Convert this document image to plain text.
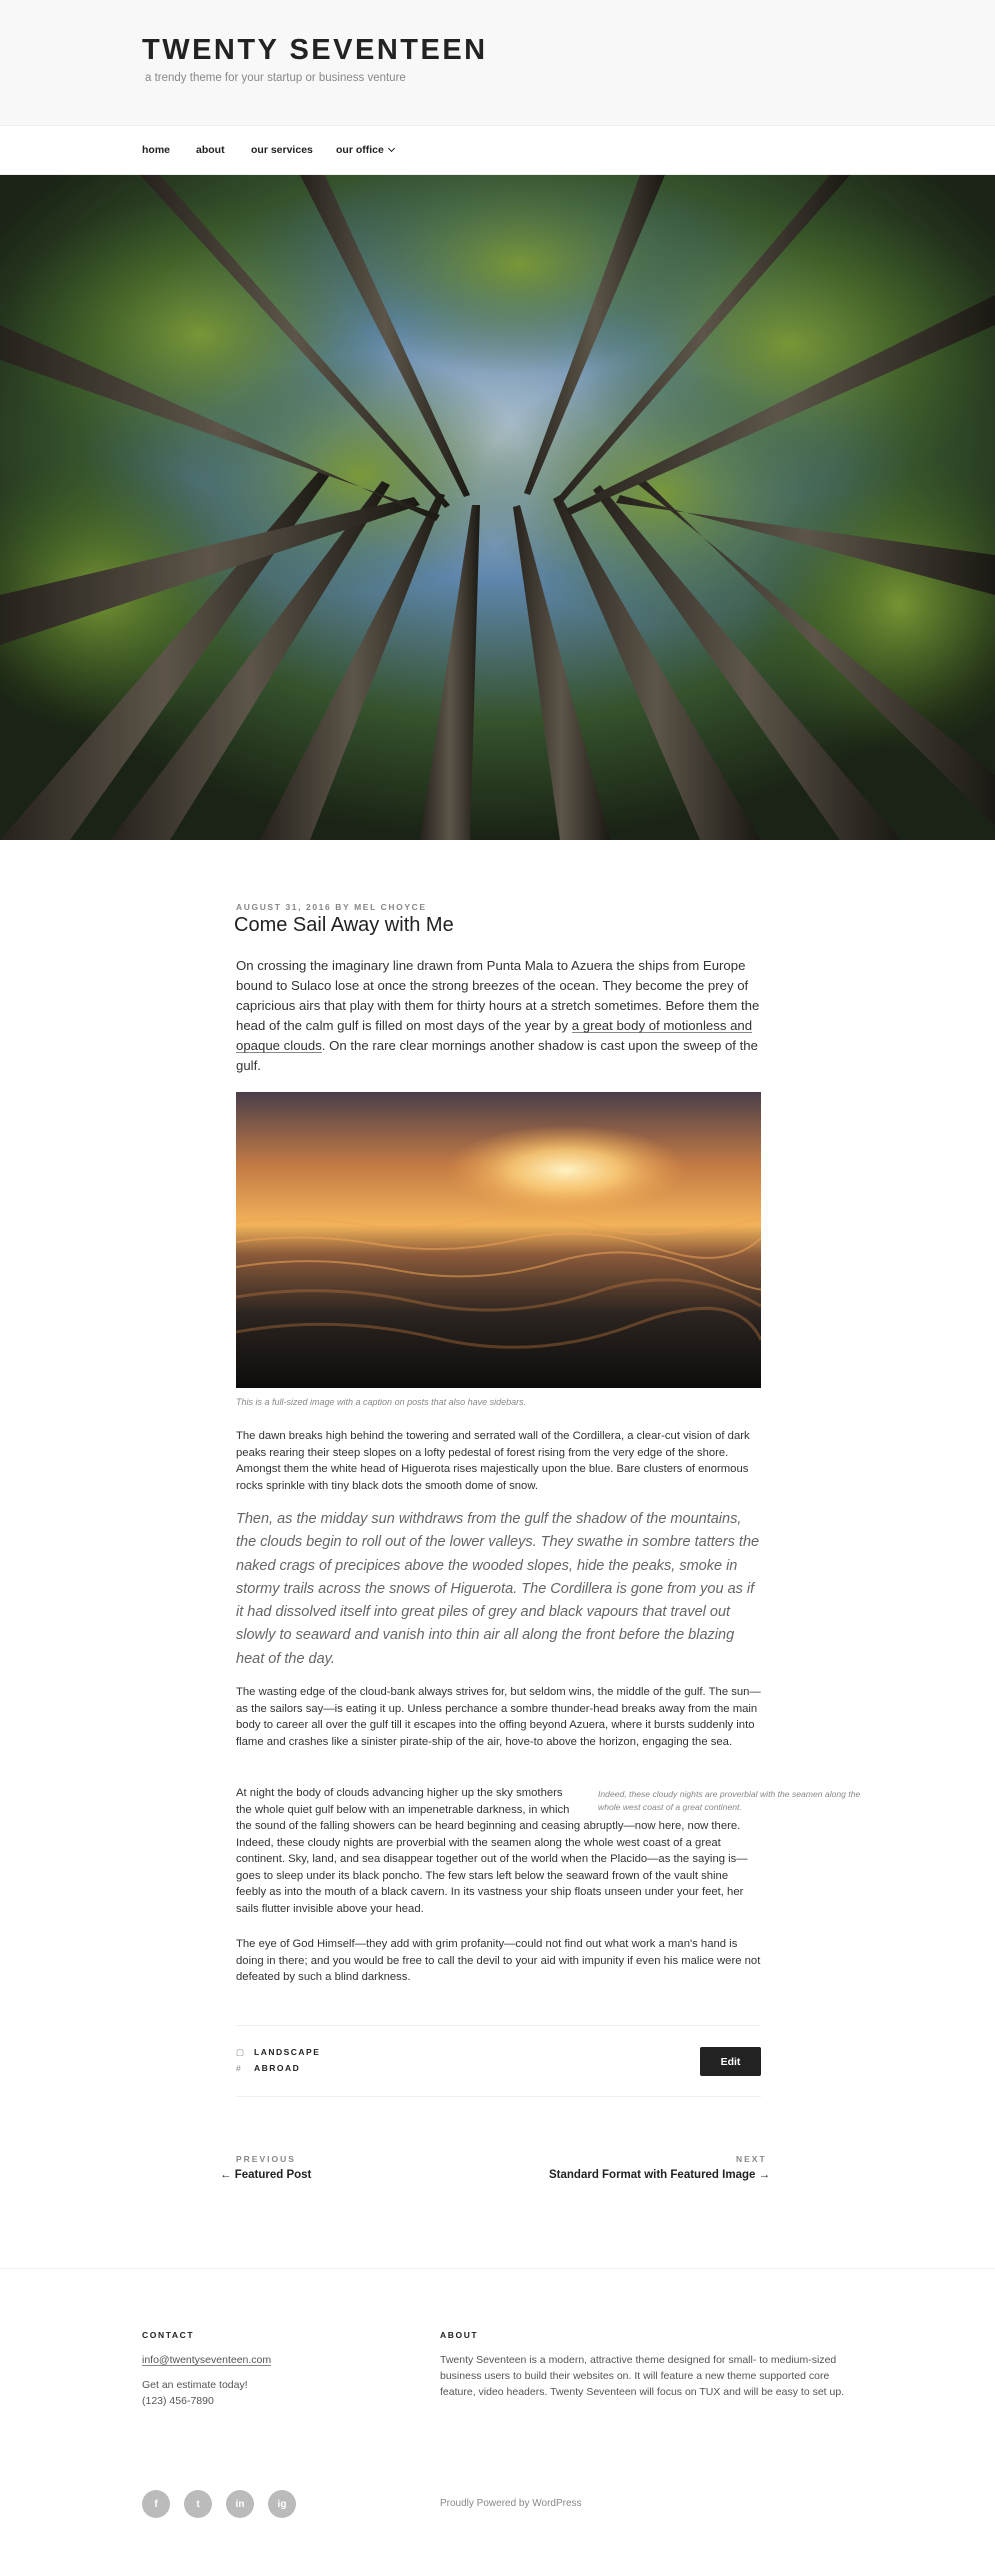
TWENTY SEVENTEEN
a trendy theme for your startup or business venture
home about	our services our office
AUGUST 31, 2016 BY MEL CHOYCE
Come Sail Away with Me

On crossing the imaginary line drawn from Punta Mala to Azuera the ships from Europe bound to Sulaco lose at once the strong breezes of the ocean. They become the prey of capricious airs that play with them for thirty hours at a stretch sometimes. Before them the head of the calm gulf is filled on most days of the year by a great body of motionless and opaque clouds. On the rare clear mornings another shadow is cast upon the sweep of the gulf.

This is a full-sized image with a caption on posts that also have sidebars.

The dawn breaks high behind the towering and serrated wall of the Cordillera, a clear-cut vision of dark peaks rearing their steep slopes on a lofty pedestal of forest rising from the very edge of the shore. Amongst them the white head of Higuerota rises majestically upon the blue. Bare clusters of enormous rocks sprinkle with tiny black dots the smooth dome of snow.

Then, as the midday sun withdraws from the gulf the shadow of the mountains, the clouds begin to roll out of the lower valleys. They swathe in sombre tatters the naked crags of precipices above the wooded slopes, hide the peaks, smoke in stormy trails across the snows of Higuerota. The Cordillera is gone from you as if it had dissolved itself into great piles of grey and black vapours that travel out slowly to seaward and vanish into thin air all along the front before the blazing heat of the day.

The wasting edge of the cloud-bank always strives for, but seldom wins, the middle of the gulf. The sun—as the sailors say—is eating it up. Unless perchance a sombre thunder-head breaks away from the main body to career all over the gulf till it escapes into the offing beyond Azuera, where it bursts suddenly into flame and crashes like a sinister pirate-ship of the air, hove-to above the horizon, engaging the sea.

At night the body of clouds advancing higher up the sky smothers
the whole quiet gulf below with an impenetrable darkness, in which
the sound of the falling showers can be heard beginning and ceasing abruptly—now here, now there. Indeed, these cloudy nights are proverbial with the seamen along the whole west coast of a great continent. Sky, land, and sea disappear together out of the world when the Placido—as the saying is—goes to sleep under its black poncho. The few stars left below the seaward frown of the vault shine feebly as into the mouth of a black cavern. In its vastness your ship floats unseen under your feet, her sails flutter invisible above your head.

Indeed, these cloudy nights are proverbial with the seamen along the whole west coast of a great continent.

The eye of God Himself—they add with grim profanity—could not find out what work a man's hand is doing in there; and you would be free to call the devil to your aid with impunity if even his malice were not defeated by such a blind darkness.

▢ LANDSCAPE
# ABROAD
Edit
PREVIOUS
← Featured Post
NEXT
Standard Format with Featured Image →
CONTACT
info@twentyseventeen.com
Get an estimate today!
(123) 456-7890
ABOUT
Twenty Seventeen is a modern, attractive theme designed for small- to medium-sized business users to build their websites on. It will feature a new theme supported core feature, video headers. Twenty Seventeen will focus on TUX and will be easy to set up.
f	t	in	ig	Proudly Powered by WordPress
